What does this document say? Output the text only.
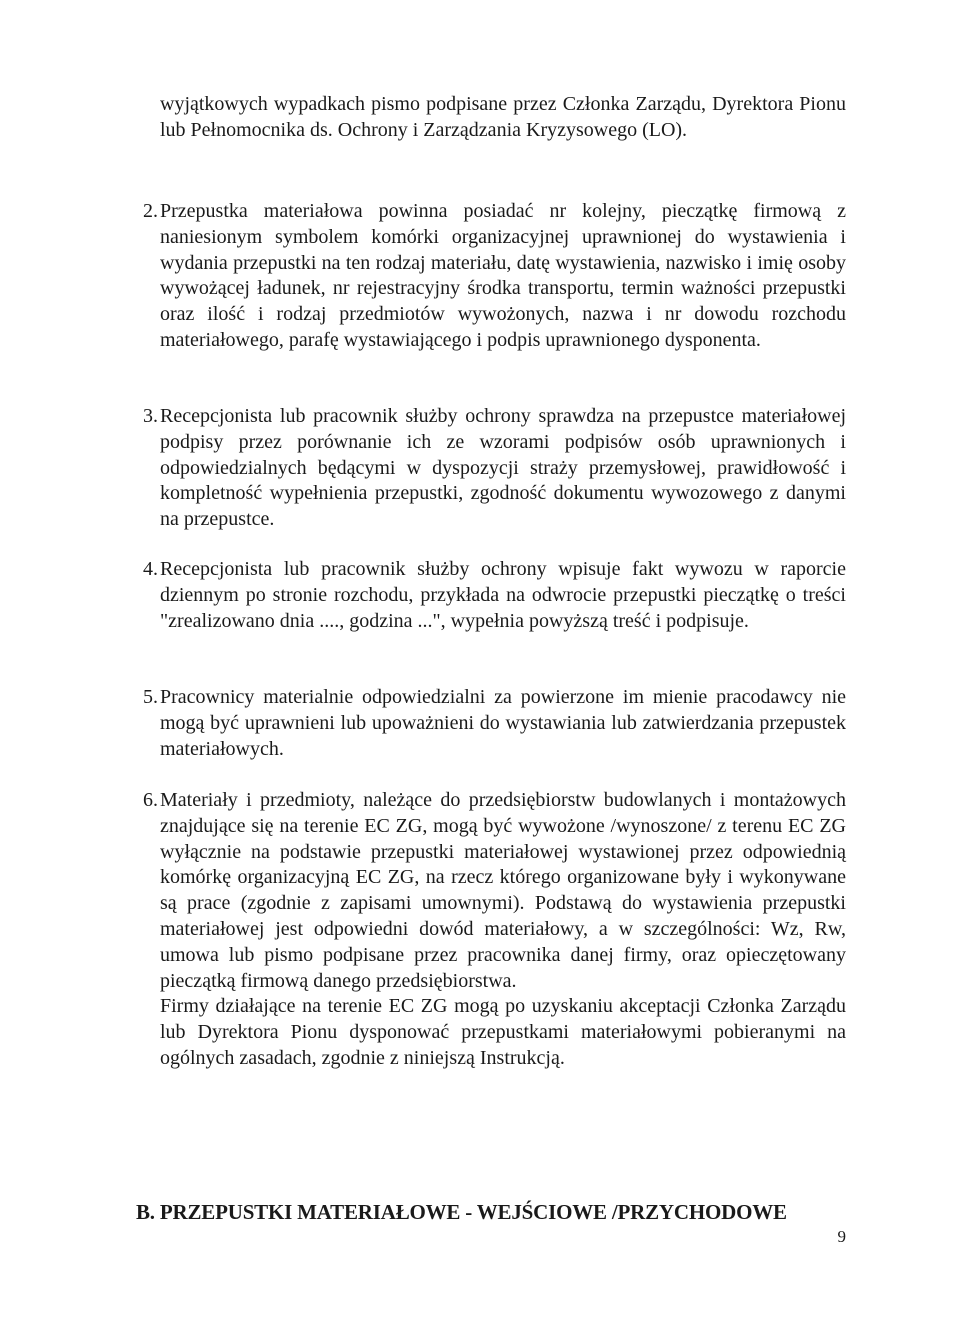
wyjątkowych wypadkach pismo podpisane przez Członka Zarządu, Dyrektora Pionu lub Pełnomocnika ds. Ochrony i Zarządzania Kryzysowego (LO).

2. Przepustka materiałowa powinna posiadać nr kolejny, pieczątkę firmową z naniesionym symbolem komórki organizacyjnej uprawnionej do wystawienia i wydania przepustki na ten rodzaj materiału, datę wystawienia, nazwisko i imię osoby wywożącej ładunek, nr rejestracyjny środka transportu, termin ważności przepustki oraz ilość i rodzaj przedmiotów wywożonych, nazwa i nr dowodu rozchodu materiałowego, parafę wystawiającego i podpis uprawnionego dysponenta.

3. Recepcjonista lub pracownik służby ochrony sprawdza na przepustce materiałowej podpisy przez porównanie ich ze wzorami podpisów osób uprawnionych i odpowiedzialnych będącymi w dyspozycji straży przemysłowej, prawidłowość i kompletność wypełnienia przepustki, zgodność dokumentu wywozowego z danymi na przepustce.

4. Recepcjonista lub pracownik służby ochrony wpisuje fakt wywozu w raporcie dziennym po stronie rozchodu, przykłada na odwrocie przepustki pieczątkę o treści "zrealizowano dnia ...., godzina ...", wypełnia powyższą treść i podpisuje.

5. Pracownicy materialnie odpowiedzialni za powierzone im mienie pracodawcy nie mogą być uprawnieni lub upoważnieni do wystawiania lub zatwierdzania przepustek materiałowych.

6. Materiały i przedmioty, należące do przedsiębiorstw budowlanych i montażowych znajdujące się na terenie EC ZG, mogą być wywożone /wynoszone/ z terenu EC ZG wyłącznie na podstawie przepustki materiałowej wystawionej przez odpowiednią komórkę organizacyjną EC ZG, na rzecz którego organizowane były i wykonywane są prace (zgodnie z zapisami umownymi). Podstawą do wystawienia przepustki materiałowej jest odpowiedni dowód materiałowy, a w szczególności: Wz, Rw, umowa lub pismo podpisane przez pracownika danej firmy, oraz opieczętowany pieczątką firmową danego przedsiębiorstwa.

Firmy działające na terenie EC ZG mogą po uzyskaniu akceptacji Członka Zarządu lub Dyrektora Pionu dysponować przepustkami materiałowymi pobieranymi na ogólnych zasadach, zgodnie z niniejszą Instrukcją.

B. PRZEPUSTKI MATERIAŁOWE - WEJŚCIOWE /PRZYCHODOWE
9
